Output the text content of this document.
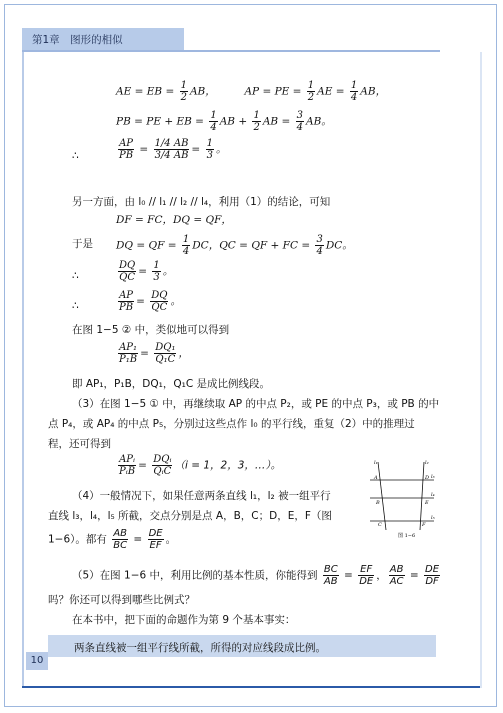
第1章　图形的相似
AE = EB = $\frac{1}{2}$ AB，	AP = PE = $\frac{1}{2}$ AE = $\frac{1}{4}$ AB，
PB = PE + EB = $\frac{1}{4}$ AB + $\frac{1}{2}$ AB = $\frac{3}{4}$ AB。
∴	$\frac{AP}{PB} = \frac{1/4 AB}{3/4 AB} = \frac{1}{3}$ 。
另一方面，由 l₀ // l₁ // l₂ // l₄，利用（1）的结论，可知
DF = FC，DQ = QF，
于是 DQ = QF = $\frac{1}{4}$ DC，QC = QF + FC = $\frac{3}{4}$ DC。
∴	$\frac{DQ}{QC} = \frac{1}{3}$ 。
∴	$\frac{AP}{PB} = \frac{DQ}{QC}$ 。
在图 1−5 ② 中，类似地可以得到
$\frac{\text{AP₁}}{\text{P₁B}} = \frac{\text{DQ₁}}{\text{Q₁C}}$ ，
即 AP₁，P₁B，DQ₁，Q₁C 是成比例线段。
（3）在图 1−5 ① 中，再继续取 AP 的中点 P₂，或 PE 的中点 P₃，或 PB 的中
点 P₄，或 AP₄ 的中点 P₅，分别过这些点作 l₀ 的平行线，重复（2）中的推理过
程，还可得到
$\frac{\text{APᵢ}}{\text{PᵢB}} = \frac{\text{DQᵢ}}{\text{QᵢC}} (i = 1$，2，3，…）。
（4）一般情况下，如果任意两条直线 l₁，l₂ 被一组平行
直线 l₃，l₄，l₅ 所截，交点分别是点 A，B，C；D，E，F（图
1−6）。都有 $\frac{AB}{BC} = \frac{DE}{EF}$ 。
（5）在图 1−6 中，利用比例的基本性质，你能得到 $\frac{BC}{AB} = \frac{EF}{DE}$ ， $\frac{AB}{AC} = \frac{DE}{DF}$
吗？你还可以得到哪些比例式？
在本书中，把下面的命题作为第 9 个基本事实：
两条直线被一组平行线所截，所得的对应线段成比例。
10
l₁	l₂
l₃
l₄
l₅
A
B
C
D
E
F
图 1−6
